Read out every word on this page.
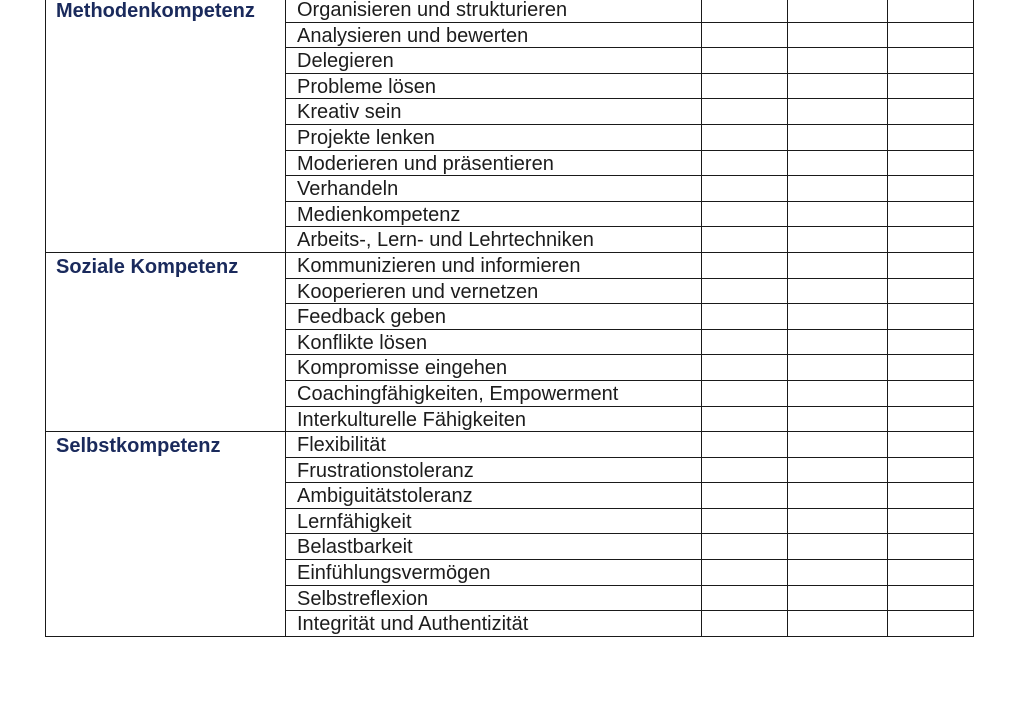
Methodenkompetenz	Organisieren und strukturieren			
	Analysieren und bewerten			
	Delegieren			
	Probleme lösen			
	Kreativ sein			
	Projekte lenken			
	Moderieren und präsentieren			
	Verhandeln			
	Medienkompetenz			
	Arbeits-, Lern- und Lehrtechniken			
Soziale Kompetenz	Kommunizieren und informieren			
	Kooperieren und vernetzen			
	Feedback geben			
	Konflikte lösen			
	Kompromisse eingehen			
	Coachingfähigkeiten, Empowerment			
	Interkulturelle Fähigkeiten			
Selbstkompetenz	Flexibilität			
	Frustrationstoleranz			
	Ambiguitätstoleranz			
	Lernfähigkeit			
	Belastbarkeit			
	Einfühlungsvermögen			
	Selbstreflexion			
	Integrität und Authentizität			
